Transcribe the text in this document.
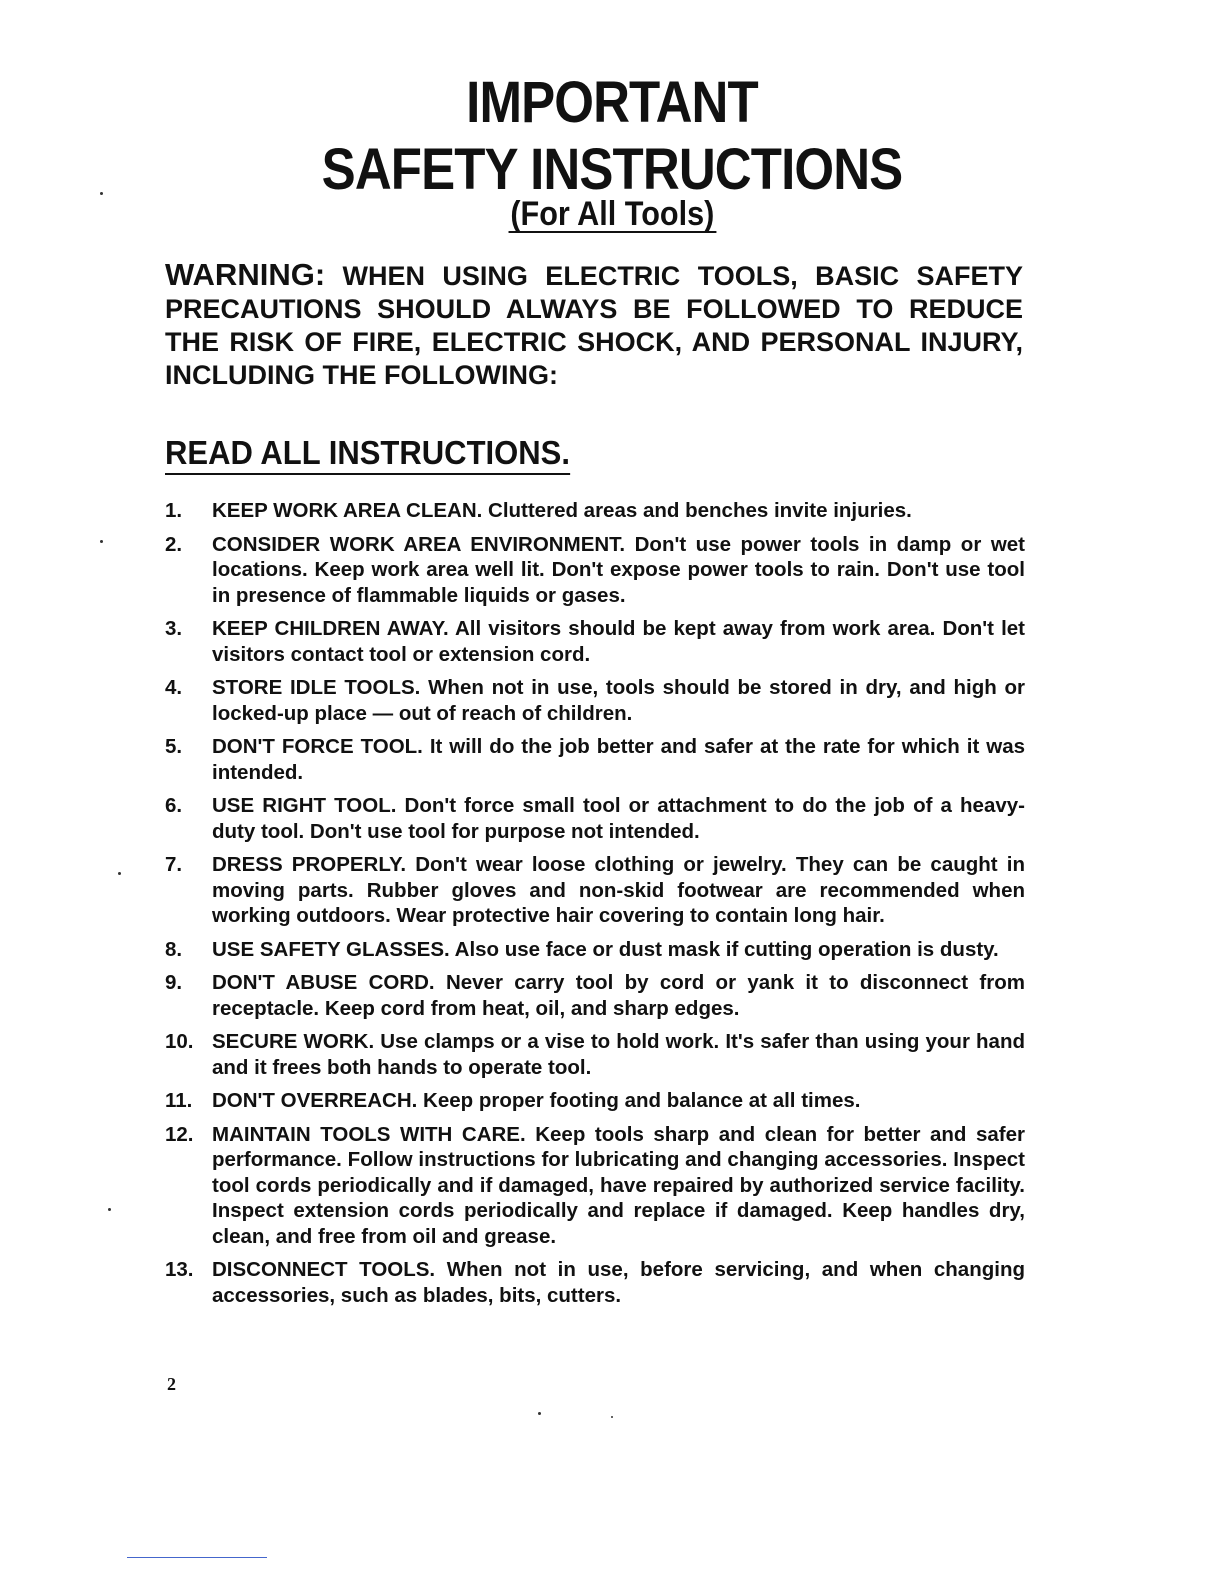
IMPORTANT
SAFETY INSTRUCTIONS
(For All Tools)
WARNING: WHEN USING ELECTRIC TOOLS, BASIC SAFETY PRECAUTIONS SHOULD ALWAYS BE FOLLOWED TO REDUCE THE RISK OF FIRE, ELECTRIC SHOCK, AND PERSONAL INJURY, INCLUDING THE FOLLOWING:
READ ALL INSTRUCTIONS.
1.	KEEP WORK AREA CLEAN. Cluttered areas and benches invite injuries.
2.	CONSIDER WORK AREA ENVIRONMENT. Don't use power tools in damp or wet locations. Keep work area well lit. Don't expose power tools to rain. Don't use tool in presence of flammable liquids or gases.
3.	KEEP CHILDREN AWAY. All visitors should be kept away from work area. Don't let visitors contact tool or extension cord.
4.	STORE IDLE TOOLS. When not in use, tools should be stored in dry, and high or locked-up place — out of reach of children.
5.	DON'T FORCE TOOL. It will do the job better and safer at the rate for which it was intended.
6.	USE RIGHT TOOL. Don't force small tool or attachment to do the job of a heavy-duty tool. Don't use tool for purpose not intended.
7.	DRESS PROPERLY. Don't wear loose clothing or jewelry. They can be caught in moving parts. Rubber gloves and non-skid footwear are recommended when working outdoors. Wear protective hair covering to contain long hair.
8.	USE SAFETY GLASSES. Also use face or dust mask if cutting operation is dusty.
9.	DON'T ABUSE CORD. Never carry tool by cord or yank it to disconnect from receptacle. Keep cord from heat, oil, and sharp edges.
10. SECURE WORK. Use clamps or a vise to hold work. It's safer than using your hand and it frees both hands to operate tool.
11. DON'T OVERREACH. Keep proper footing and balance at all times.
12. MAINTAIN TOOLS WITH CARE. Keep tools sharp and clean for better and safer performance. Follow instructions for lubricating and changing accessories. Inspect tool cords periodically and if damaged, have repaired by authorized service facility. Inspect extension cords periodically and replace if damaged. Keep handles dry, clean, and free from oil and grease.
13. DISCONNECT TOOLS. When not in use, before servicing, and when changing accessories, such as blades, bits, cutters.
2
